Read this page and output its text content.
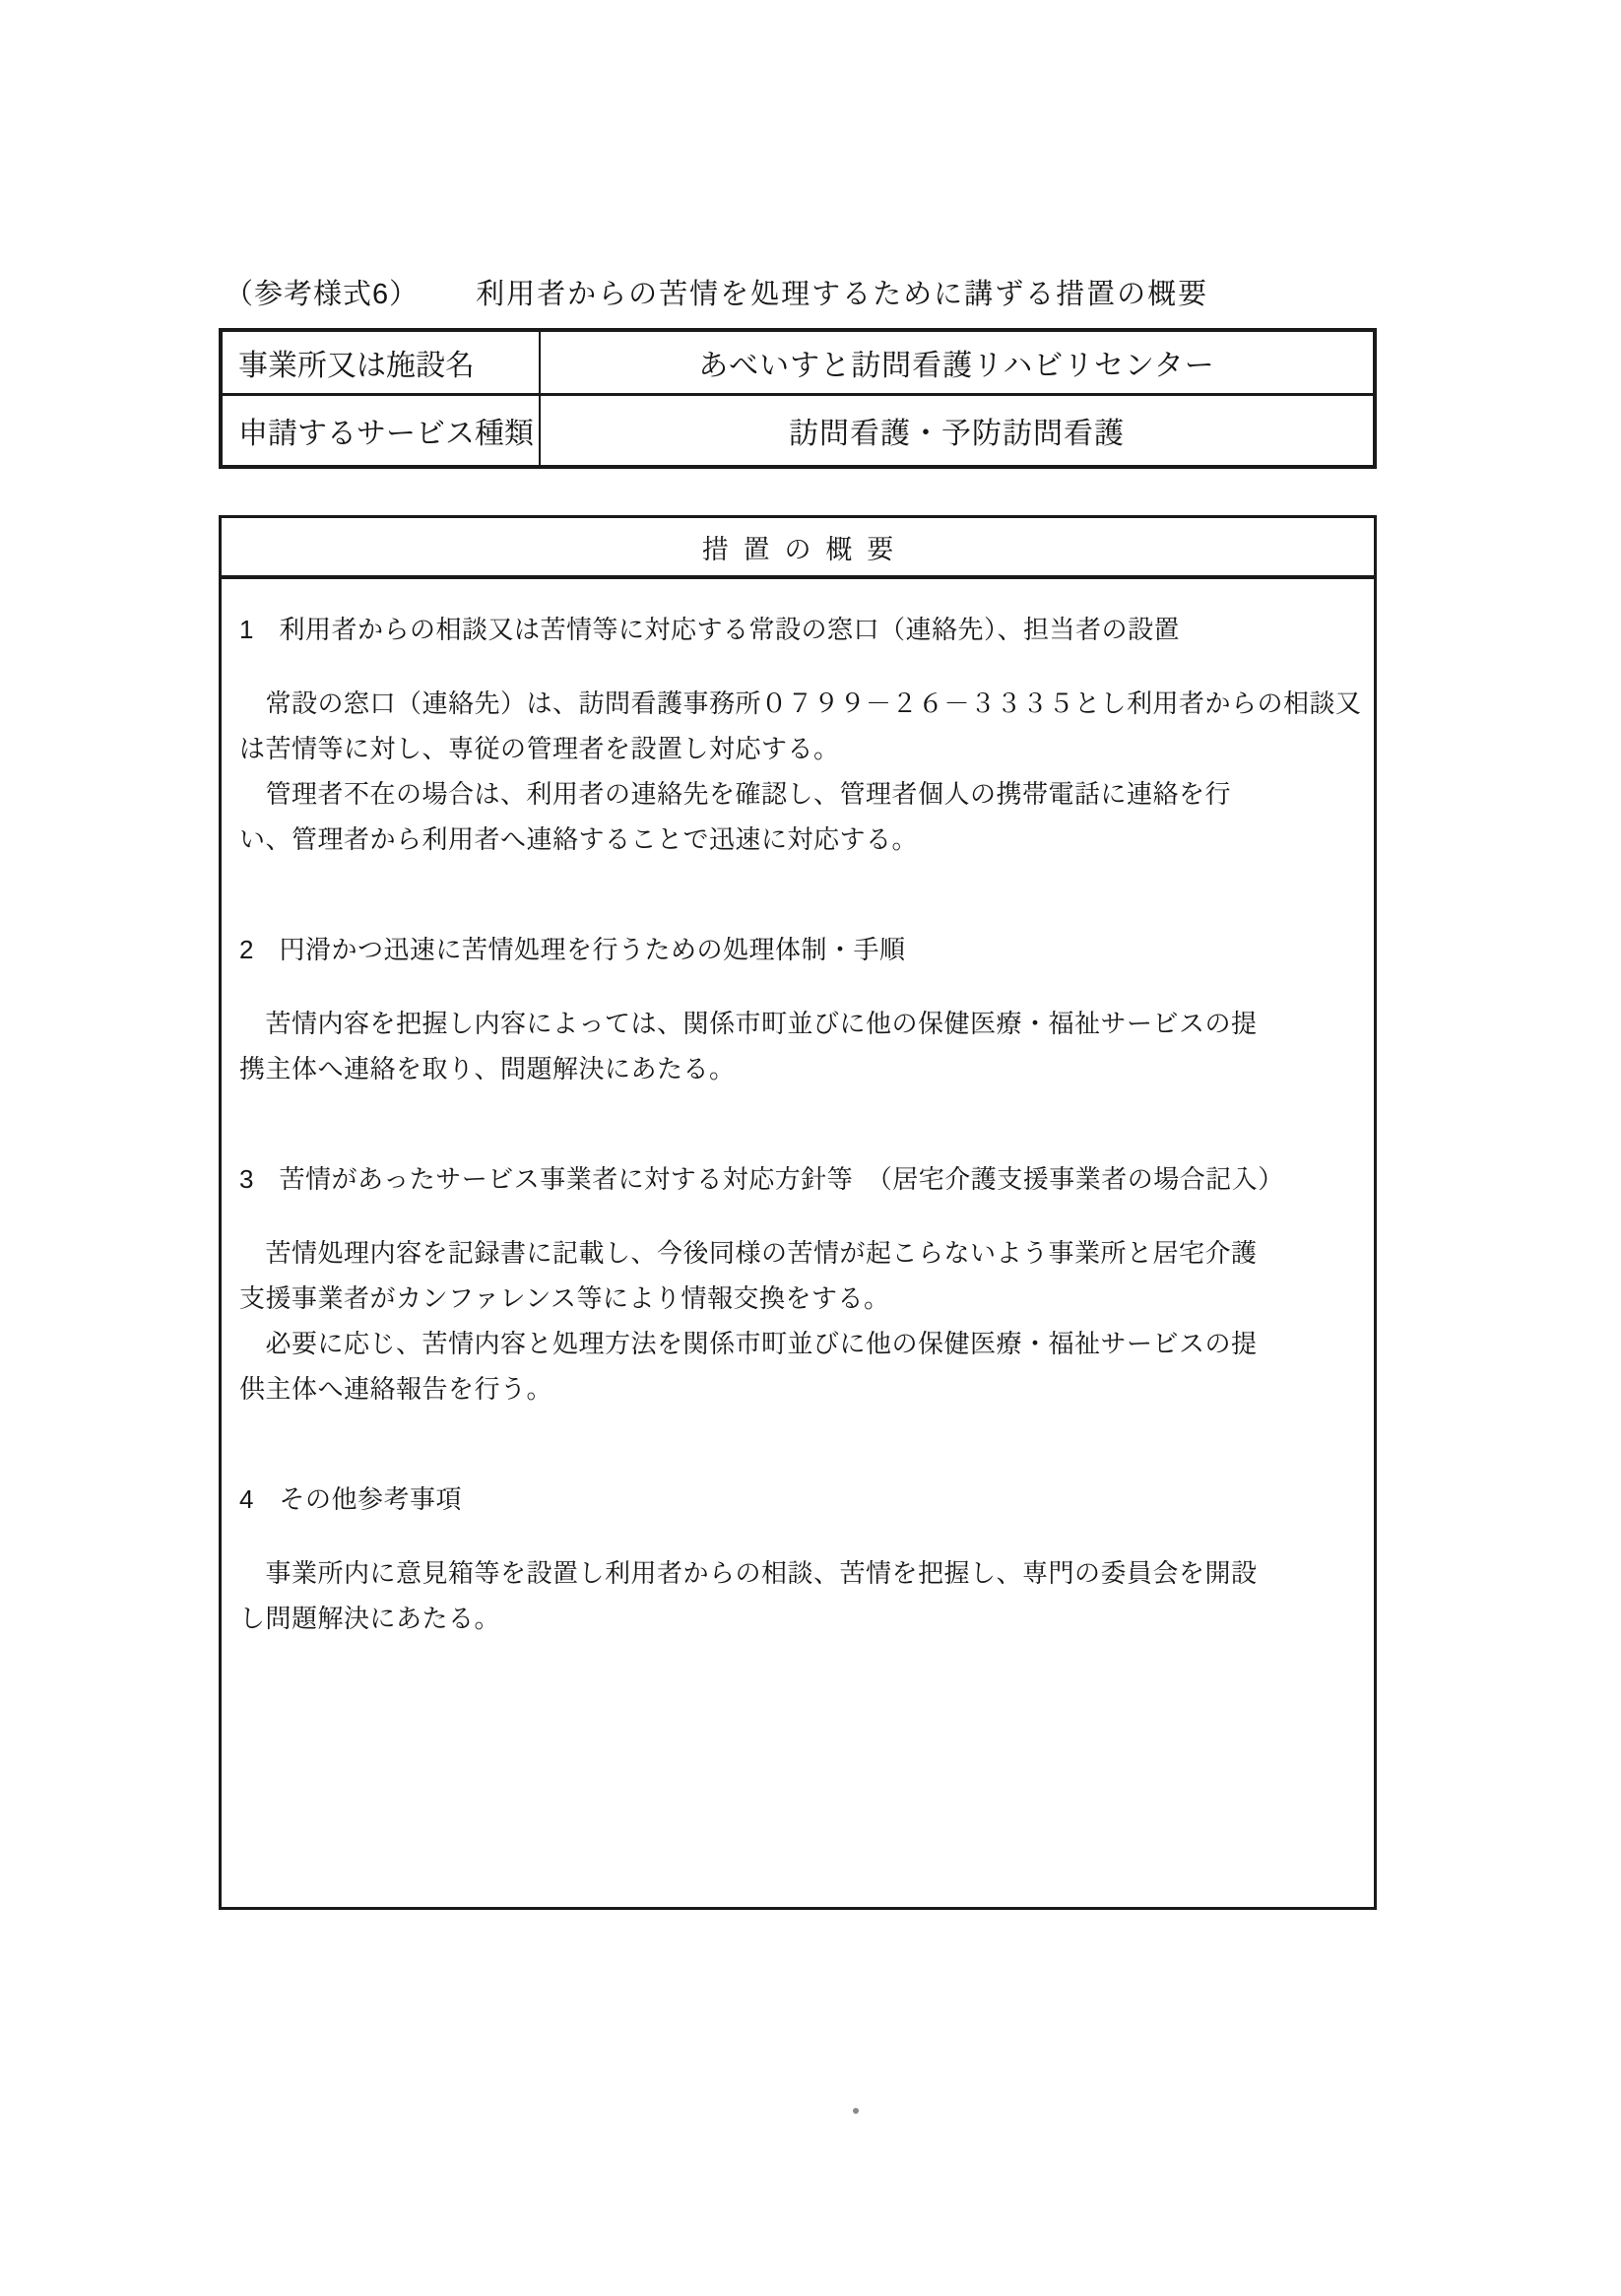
（参考様式6） 利用者からの苦情を処理するために講ずる措置の概要
事業所又は施設名	あべいすと訪問看護リハビリセンター
申請するサービス種類	訪問看護・予防訪問看護
措置の概要
1 利用者からの相談又は苦情等に対応する常設の窓口（連絡先）、担当者の設置
　常設の窓口（連絡先）は、訪問看護事務所０７９９－２６－３３３５とし利用者からの相談又
は苦情等に対し、専従の管理者を設置し対応する。
　管理者不在の場合は、利用者の連絡先を確認し、管理者個人の携帯電話に連絡を行
い、管理者から利用者へ連絡することで迅速に対応する。
2 円滑かつ迅速に苦情処理を行うための処理体制・手順
　苦情内容を把握し内容によっては、関係市町並びに他の保健医療・福祉サービスの提
携主体へ連絡を取り、問題解決にあたる。
3 苦情があったサービス事業者に対する対応方針等　（居宅介護支援事業者の場合記入）
　苦情処理内容を記録書に記載し、今後同様の苦情が起こらないよう事業所と居宅介護
支援事業者がカンファレンス等により情報交換をする。
　必要に応じ、苦情内容と処理方法を関係市町並びに他の保健医療・福祉サービスの提
供主体へ連絡報告を行う。
4 その他参考事項
　事業所内に意見箱等を設置し利用者からの相談、苦情を把握し、専門の委員会を開設
し問題解決にあたる。
